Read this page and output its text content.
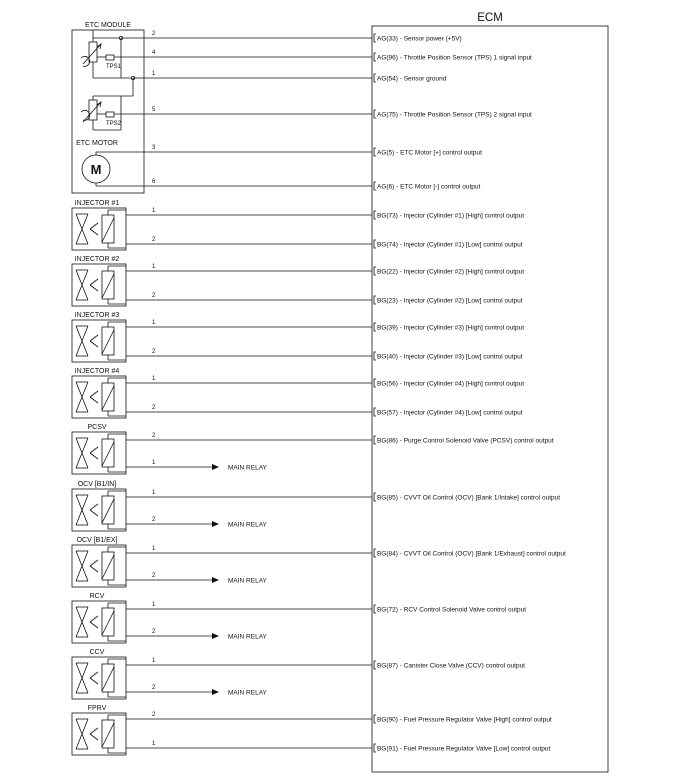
ECM
ETC MODULE
ETC MOTOR
TPS1
TPS2
M
2
AG(33) - Sensor power (+5V)
4
AG(96) - Throttle Position Sensor (TPS) 1 signal input
1
AG(54) - Sensor ground
5
AG(75) - Throttle Position Sensor (TPS) 2 signal input
3
AG(5) - ETC Motor [+] control output
6
AG(6) - ETC Motor [-] control output
1
BG(73) - Injector (Cylinder #1) [High] control output
2
BG(74) - Injector (Cylinder #1) [Low] control output
1
BG(22) - Injector (Cylinder #2) [High] control output
2
BG(23) - Injector (Cylinder #2) [Low] control output
1
BG(39) - Injector (Cylinder #3) [High] control output
2
BG(40) - Injector (Cylinder #3) [Low] control output
1
BG(56) - Injector (Cylinder #4) [High] control output
2
BG(57) - Injector (Cylinder #4) [Low] control output
2
BG(86) - Purge Control Solenoid Valve (PCSV) control output
1
MAIN RELAY
1
BG(85) - CVVT Oil Control (OCV) [Bank 1/Intake] control output
2
MAIN RELAY
1
BG(84) - CVVT Oil Control (OCV) [Bank 1/Exhaust] control output
2
MAIN RELAY
1
BG(72) - RCV Control Solenoid Valve control output
2
MAIN RELAY
1
BG(87) - Canister Close Valve (CCV) control output
2
MAIN RELAY
2
BG(90) - Fuel Pressure Regulator Valve [High] control output
1
BG(91) - Fuel Pressure Regulator Valve [Low] control output
INJECTOR #1
INJECTOR #2
INJECTOR #3
INJECTOR #4
PCSV
OCV [B1/IN]
OCV [B1/EX]
RCV
CCV
FPRV
